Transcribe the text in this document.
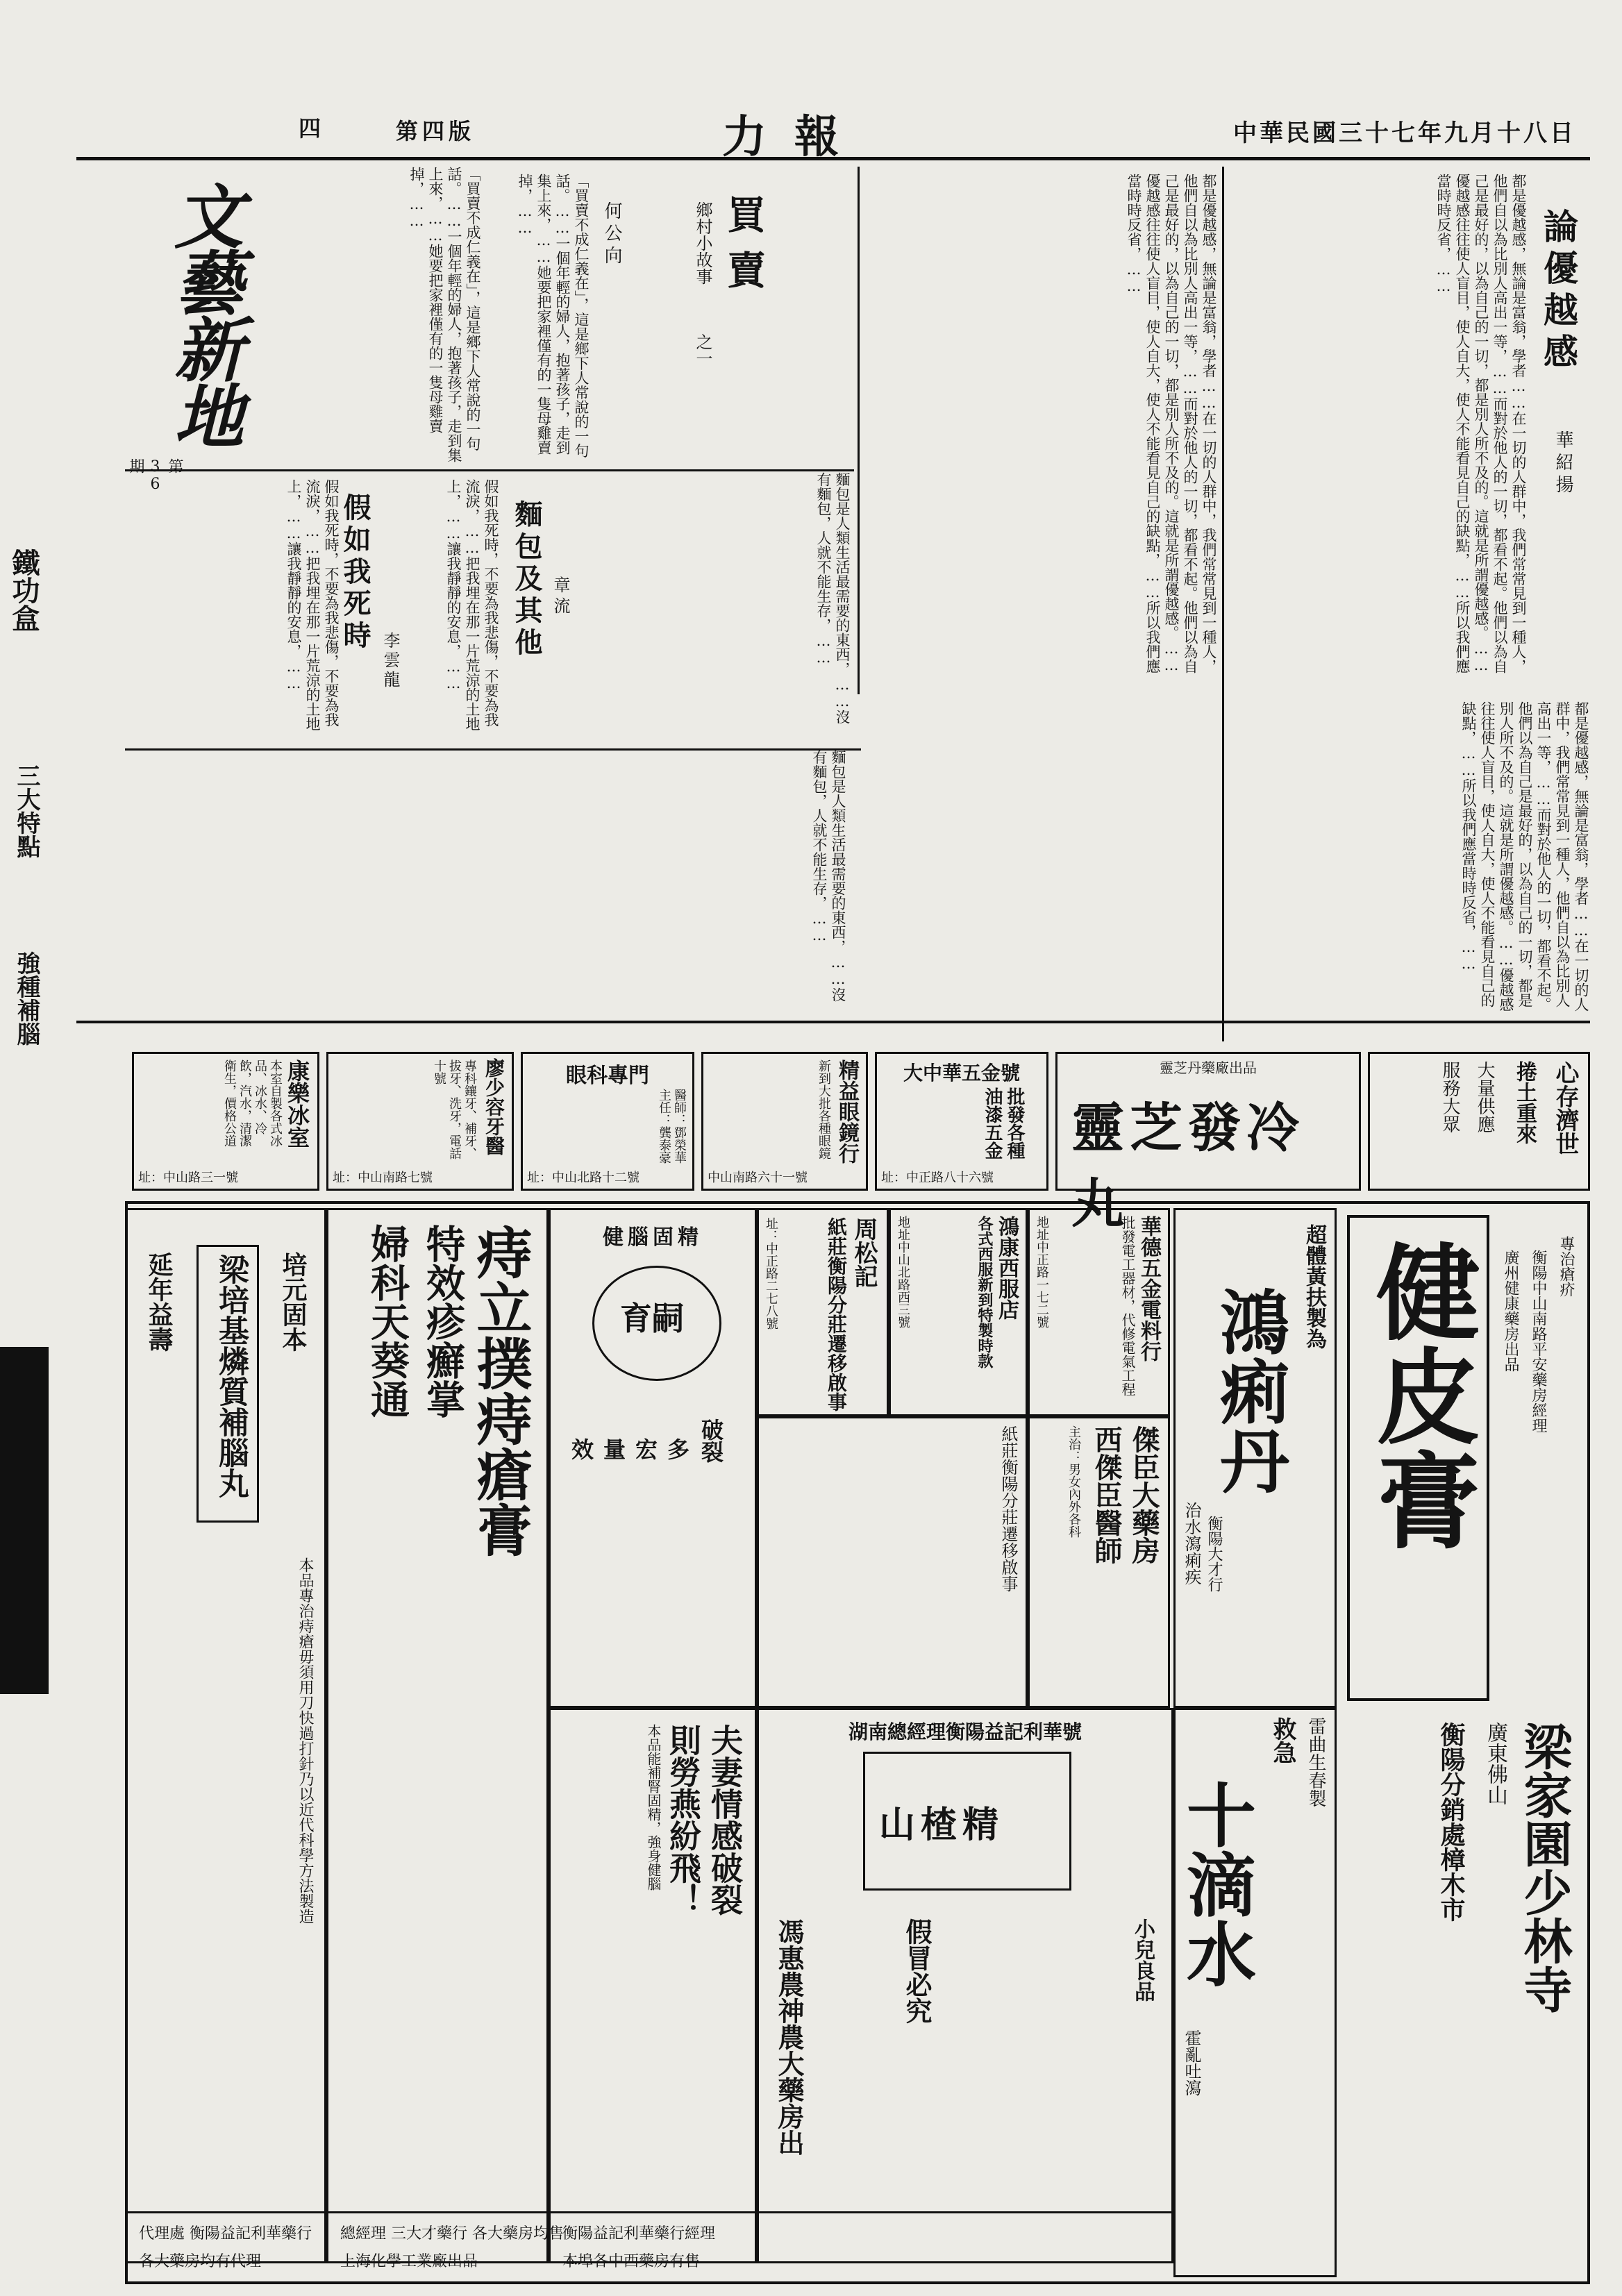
中華民國三十七年九月十八日
力報
第四版
四
鐵功盒
三大特點
強種補腦
論優越感
華紹揚
都是優越感，無論是富翁，學者……在一切的人群中，我們常常見到一種人，他們自以為比別人高出一等，……而對於他人的一切，都看不起。他們以為自己是最好的，以為自己的一切，都是別人所不及的。這就是所謂優越感。……優越感往往使人盲目，使人自大，使人不能看見自己的缺點，……所以我們應當時時反省，……
都是優越感，無論是富翁，學者……在一切的人群中，我們常常見到一種人，他們自以為比別人高出一等，……而對於他人的一切，都看不起。他們以為自己是最好的，以為自己的一切，都是別人所不及的。這就是所謂優越感。……優越感往往使人盲目，使人自大，使人不能看見自己的缺點，……所以我們應當時時反省，……
買賣
何公向	鄉村小故事
之一
「買賣不成仁義在」，這是鄉下人常說的一句話。……一個年輕的婦人，抱著孩子，走到集上來，……她要把家裡僅有的一隻母雞賣掉，……
文藝新地
第36期
「買賣不成仁義在」，這是鄉下人常說的一句話。……一個年輕的婦人，抱著孩子，走到集上來，……她要把家裡僅有的一隻母雞賣掉，……
假如我死時
李雲龍
假如我死時，不要為我悲傷，不要為我流淚，……把我埋在那一片荒涼的土地上，……讓我靜靜的安息，……	假如我死時，不要為我悲傷，不要為我流淚，……把我埋在那一片荒涼的土地上，……讓我靜靜的安息，……	麵包及其他 章流	麵包是人類生活最需要的東西，……沒有麵包，人就不能生存，……
都是優越感，無論是富翁，學者……在一切的人群中，我們常常見到一種人，他們自以為比別人高出一等，……而對於他人的一切，都看不起。他們以為自己是最好的，以為自己的一切，都是別人所不及的。這就是所謂優越感。……優越感往往使人盲目，使人自大，使人不能看見自己的缺點，……所以我們應當時時反省，……
麵包是人類生活最需要的東西，……沒有麵包，人就不能生存，……
康樂冰室
本室自製各式冰品、冰水、冷飲，汽水，清潔衛生，價格公道
址：中山路三一號
廖少容牙醫
專科鑲牙、補牙、拔牙、洗牙，電話十號
址：中山南路七號
眼科專門
醫師：鄧榮華 主任：龔泰豪
址：中山北路十二號
精益眼鏡行
新到大批各種眼鏡
中山南路六十一號
大中華五金號
批發各種油漆五金
址：中正路八十六號
靈芝丹藥廠出品
靈芝發冷丸
心存濟世
捲土重來
大量供應
服務大眾
健皮膏 廣州健康藥房出品 衡陽中山南路平安藥房經理 專治瘡疥
梁家園少林寺
廣東佛山
衡陽分銷處樟木市
超體黃扶製為
鴻痢丹
治水瀉痢疾 衡陽大才行
雷曲生春製
救急
十滴水
霍亂吐瀉
華德五金電料行
批發電工器材，代修電氣工程
地址中正路一七二號
鴻康西服店
各式西服新到特製時款
地址中山北路西三號
周松記
紙莊衡陽分莊遷移啟事
址：中正路二七八號
傑臣大藥房
西傑臣醫師
主治：男女內外各科
紙莊衡陽分莊遷移啟事
湖南總經理衡陽益記利華號
山楂精
小兒良品
馮惠農神農大藥房出	假冒必究
健腦固精
育嗣
破裂
效量宏多
夫妻情感破裂
則勞燕紛飛！
本品能補腎固精，強身健腦
痔立撲痔瘡膏
特效疹癬掌
婦科天葵通
梁培基燐質補腦丸 培元固本
延年益壽
本品專治痔瘡毋須用刀快過打針乃以近代科學方法製造
代理處 衡陽益記利華藥行
各大藥房均有代理
總經理 三大才藥行 各大藥房均售
上海化學工業廠出品	本埠各中西藥房有售
衡陽益記利華藥行經理
